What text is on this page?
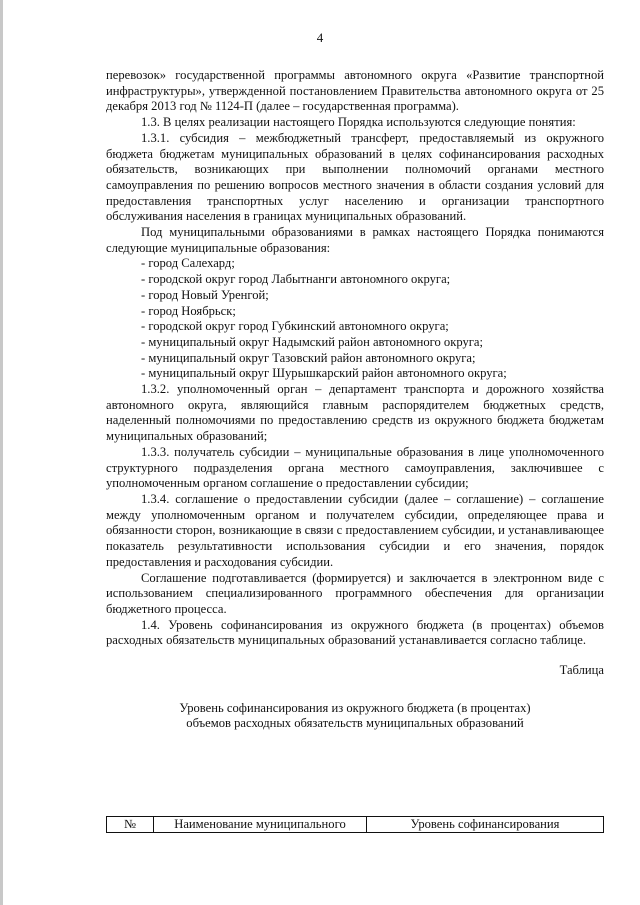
4

перевозок» государственной программы автономного округа «Развитие транспортной инфраструктуры», утвержденной постановлением Правительства автономного округа от 25 декабря 2013 год № 1124-П (далее – государственная программа).

1.3. В целях реализации настоящего Порядка используются следующие понятия:

1.3.1. субсидия – межбюджетный трансферт, предоставляемый из окружного бюджета бюджетам муниципальных образований в целях софинансирования расходных обязательств, возникающих при выполнении полномочий органами местного самоуправления по решению вопросов местного значения в области создания условий для предоставления транспортных услуг населению и организации транспортного обслуживания населения в границах муниципальных образований.

Под муниципальными образованиями в рамках настоящего Порядка понимаются следующие муниципальные образования:

- город Салехард;

- городской округ город Лабытнанги автономного округа;

- город Новый Уренгой;

- город Ноябрьск;

- городской округ город Губкинский автономного округа;

- муниципальный округ Надымский район автономного округа;

- муниципальный округ Тазовский район автономного округа;

- муниципальный округ Шурышкарский район автономного округа;

1.3.2. уполномоченный орган – департамент транспорта и дорожного хозяйства автономного округа, являющийся главным распорядителем бюджетных средств, наделенный полномочиями по предоставлению средств из окружного бюджета бюджетам муниципальных образований;

1.3.3. получатель субсидии – муниципальные образования в лице уполномоченного структурного подразделения органа местного самоуправления, заключившее с уполномоченным органом соглашение о предоставлении субсидии;

1.3.4. соглашение о предоставлении субсидии (далее – соглашение) – соглашение между уполномоченным органом и получателем субсидии, определяющее права и обязанности сторон, возникающие в связи с предоставлением субсидии, и устанавливающее показатель результативности использования субсидии и его значения, порядок предоставления и расходования субсидии.

Соглашение подготавливается (формируется) и заключается в электронном виде с использованием специализированного программного обеспечения для организации бюджетного процесса.

1.4. Уровень софинансирования из окружного бюджета (в процентах) объемов расходных обязательств муниципальных образований устанавливается согласно таблице.

Таблица

Уровень софинансирования из окружного бюджета (в процентах)
объемов расходных обязательств муниципальных образований

№	Наименование муниципального	Уровень софинансирования
